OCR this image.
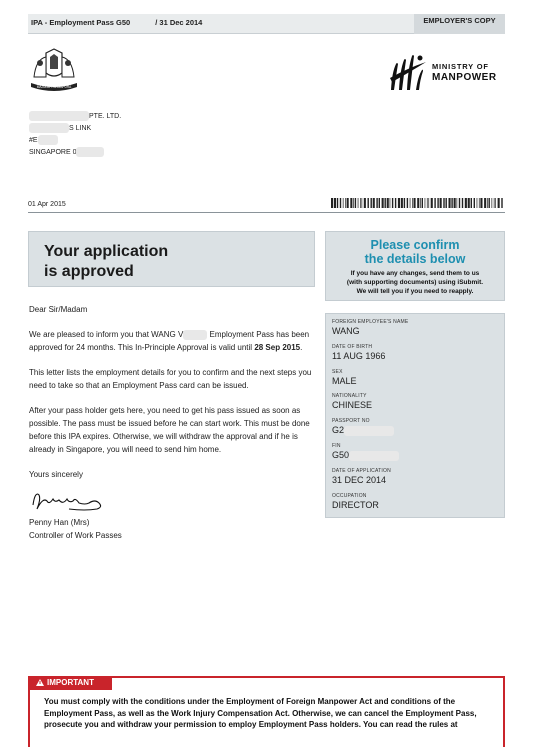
IPA - Employment Pass G50      / 31 Dec 2014	EMPLOYER'S COPY
MAJULAH SINGAPURA
MINISTRY OF
MANPOWER
PTE. LTD.
S LINK
#E
SINGAPORE 0
01 Apr 2015
Your application
is approved
Please confirm
the details below
If you have any changes, send them to us
(with supporting documents) using iSubmit.
We will tell you if you need to reapply.

Dear Sir/Madam

We are pleased to inform you that WANG V	Employment Pass has been approved for 24 months. This In-Principle Approval is valid until 28 Sep 2015.

This letter lists the employment details for you to confirm and the next steps you need to take so that an Employment Pass card can be issued.

After your pass holder gets here, you need to get his pass issued as soon as possible. The pass must be issued before he can start work. This must be done before this IPA expires. Otherwise, we will withdraw the approval and if he is already in Singapore, you will need to send him home.

Yours sincerely

Penny Han (Mrs)

Controller of Work Passes

FOREIGN EMPLOYEE'S NAME
WANG
DATE OF BIRTH
11 AUG 1966
SEX
MALE
NATIONALITY
CHINESE
PASSPORT NO
G2
FIN
G50
DATE OF APPLICATION
31 DEC 2014
OCCUPATION
DIRECTOR
IMPORTANT
You must comply with the conditions under the Employment of Foreign Manpower Act and conditions of the Employment Pass, as well as the Work Injury Compensation Act. Otherwise, we can cancel the Employment Pass, prosecute you and withdraw your permission to employ Employment Pass holders. You can read the rules at
